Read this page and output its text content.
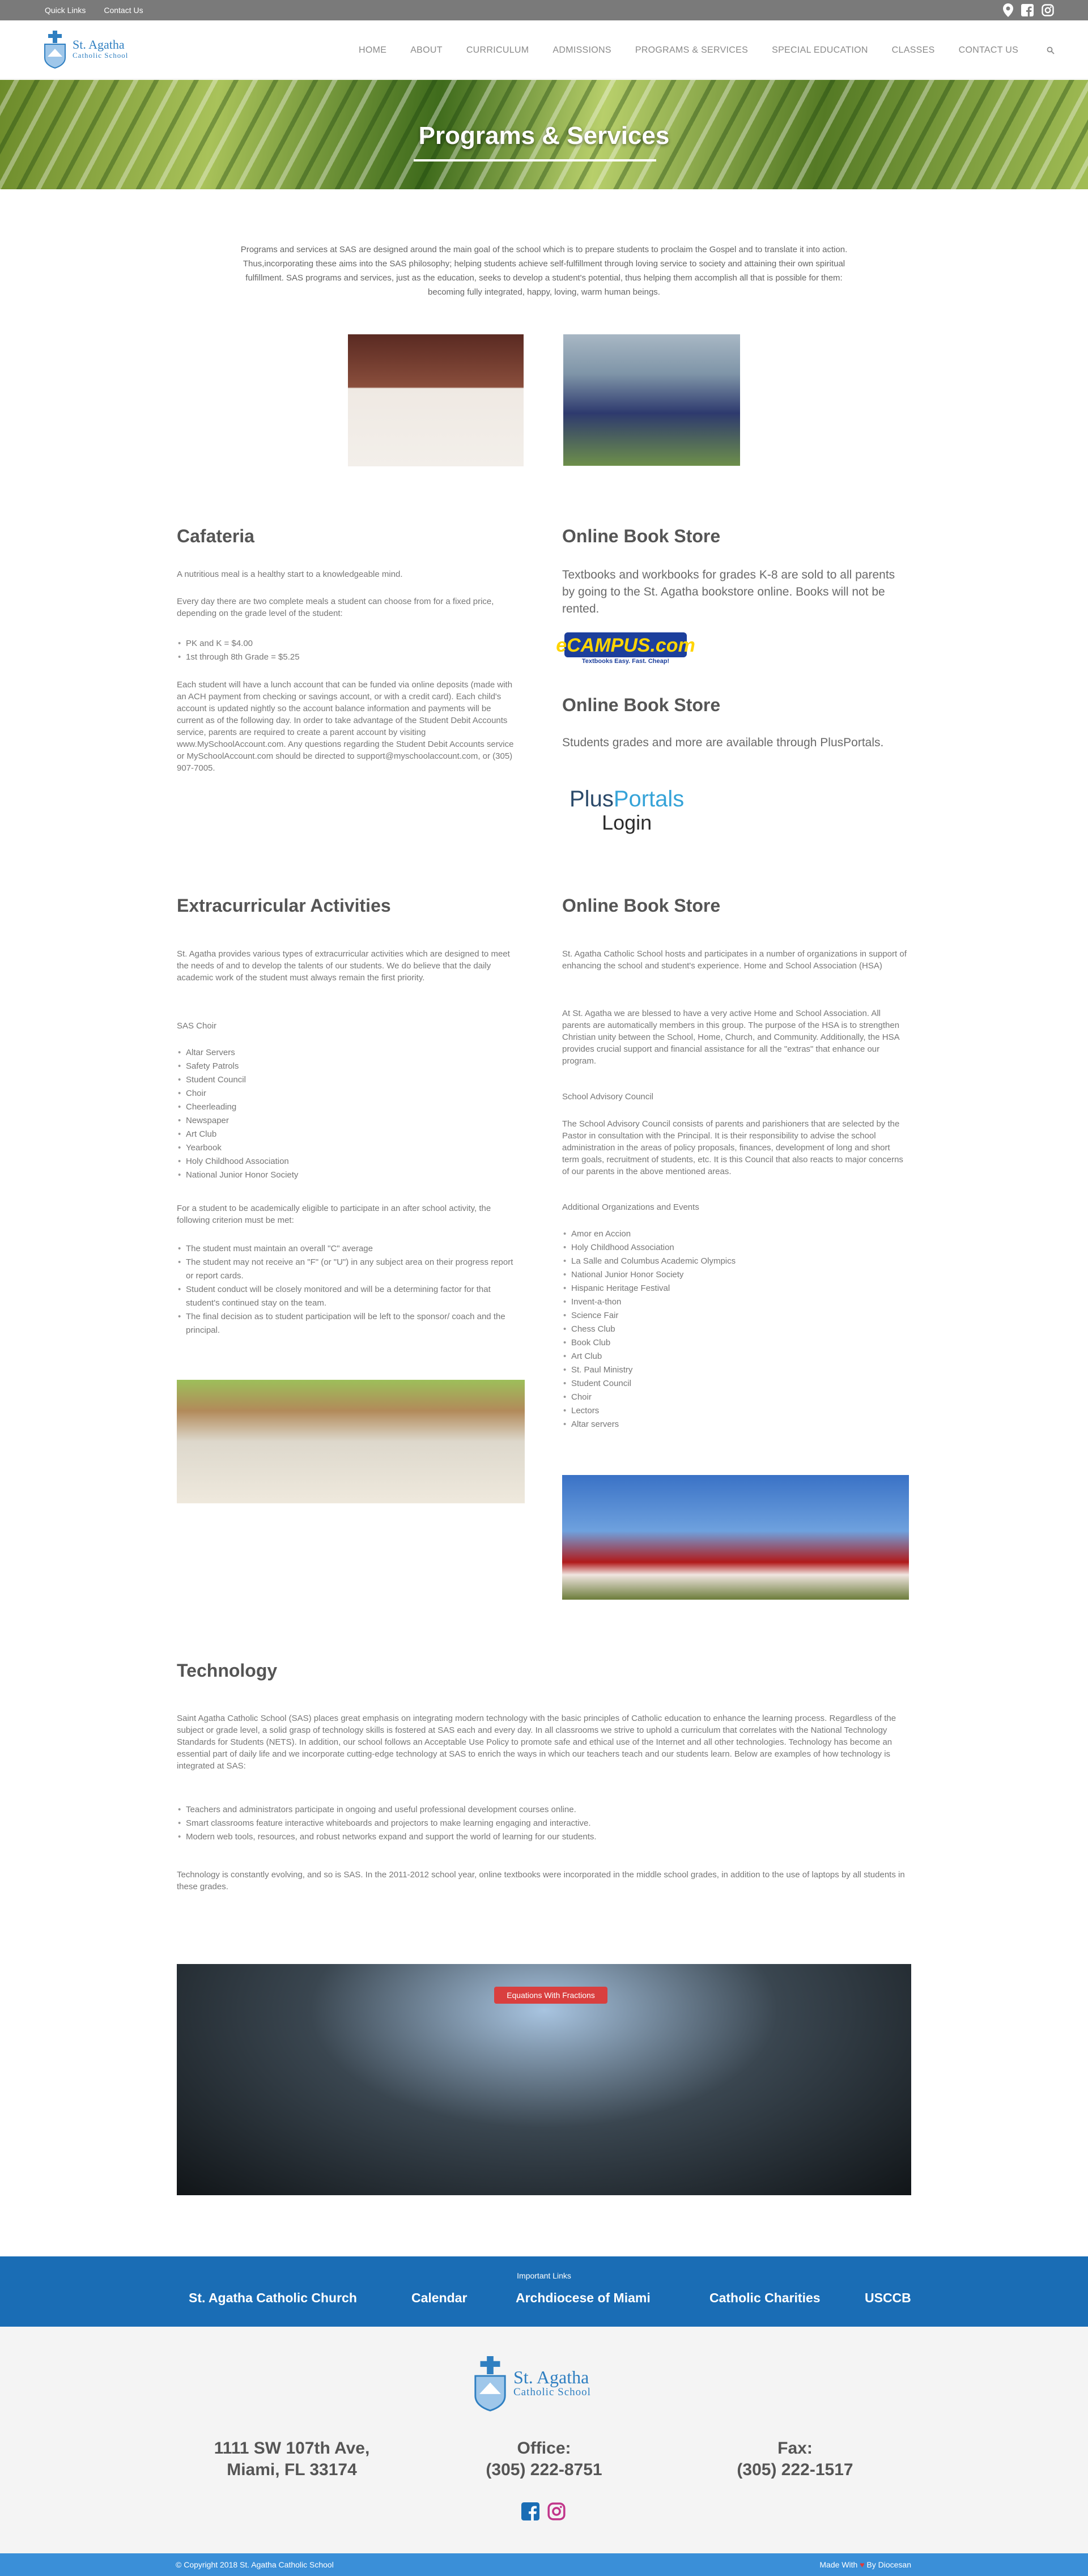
Quick Links Contact Us
St. Agatha
Catholic School
HOME	ABOUT	CURRICULUM	ADMISSIONS	PROGRAMS & SERVICES	SPECIAL EDUCATION	CLASSES	CONTACT US
Programs & Services

Programs and services at SAS are designed around the main goal of the school which is to prepare students to proclaim the Gospel and to translate it into action. Thus,incorporating these aims into the SAS philosophy; helping students achieve self-fulfillment through loving service to society and attaining their own spiritual fulfillment. SAS programs and services, just as the education, seeks to develop a student's potential, thus helping them accomplish all that is possible for them: becoming fully integrated, happy, loving, warm human beings.

Cafateria

A nutritious meal is a healthy start to a knowledgeable mind.

Every day there are two complete meals a student can choose from for a fixed price, depending on the grade level of the student:

• PK and K = $4.00
• 1st through 8th Grade = $5.25

Each student will have a lunch account that can be funded via online deposits (made with an ACH payment from checking or savings account, or with a credit card). Each child's account is updated nightly so the account balance information and payments will be current as of the following day. In order to take advantage of the Student Debit Accounts service, parents are required to create a parent account by visiting www.MySchoolAccount.com. Any questions regarding the Student Debit Accounts service or MySchoolAccount.com should be directed to support@myschoolaccount.com, or (305) 907-7005.

Online Book Store

Textbooks and workbooks for grades K-8 are sold to all parents by going to the St. Agatha bookstore online. Books will not be rented.

eCAMPUS.com
Textbooks Easy. Fast. Cheap!
Online Book Store

Students grades and more are available through PlusPortals.

PlusPortals
Login
Extracurricular Activities

St. Agatha provides various types of extracurricular activities which are designed to meet the needs of and to develop the talents of our students. We do believe that the daily academic work of the student must always remain the first priority.

SAS Choir

• Altar Servers
• Safety Patrols
• Student Council
• Choir
• Cheerleading
• Newspaper
• Art Club
• Yearbook
• Holy Childhood Association
• National Junior Honor Society

For a student to be academically eligible to participate in an after school activity, the following criterion must be met:

• The student must maintain an overall "C" average
• The student may not receive an "F" (or "U") in any subject area on their progress report or report cards.
• Student conduct will be closely monitored and will be a determining factor for that student's continued stay on the team.
• The final decision as to student participation will be left to the sponsor/ coach and the principal.
Online Book Store

St. Agatha Catholic School hosts and participates in a number of organizations in support of enhancing the school and student's experience. Home and School Association (HSA)

At St. Agatha we are blessed to have a very active Home and School Association. All parents are automatically members in this group. The purpose of the HSA is to strengthen Christian unity between the School, Home, Church, and Community. Additionally, the HSA provides crucial support and financial assistance for all the "extras" that enhance our program.

School Advisory Council

The School Advisory Council consists of parents and parishioners that are selected by the Pastor in consultation with the Principal. It is their responsibility to advise the school administration in the areas of policy proposals, finances, development of long and short term goals, recruitment of students, etc. It is this Council that also reacts to major concerns of our parents in the above mentioned areas.

Additional Organizations and Events

• Amor en Accion
• Holy Childhood Association
• La Salle and Columbus Academic Olympics
• National Junior Honor Society
• Hispanic Heritage Festival
• Invent-a-thon
• Science Fair
• Chess Club
• Book Club
• Art Club
• St. Paul Ministry
• Student Council
• Choir
• Lectors
• Altar servers
Technology

Saint Agatha Catholic School (SAS) places great emphasis on integrating modern technology with the basic principles of Catholic education to enhance the learning process. Regardless of the subject or grade level, a solid grasp of technology skills is fostered at SAS each and every day. In all classrooms we strive to uphold a curriculum that correlates with the National Technology Standards for Students (NETS). In addition, our school follows an Acceptable Use Policy to promote safe and ethical use of the Internet and all other technologies. Technology has become an essential part of daily life and we incorporate cutting-edge technology at SAS to enrich the ways in which our teachers teach and our students learn. Below are examples of how technology is integrated at SAS:

• Teachers and administrators participate in ongoing and useful professional development courses online.
• Smart classrooms feature interactive whiteboards and projectors to make learning engaging and interactive.
• Modern web tools, resources, and robust networks expand and support the world of learning for our students.

Technology is constantly evolving, and so is SAS. In the 2011-2012 school year, online textbooks were incorporated in the middle school grades, in addition to the use of laptops by all students in these grades.

Equations With Fractions
Important Links
St. Agatha Catholic Church	Calendar	Archdiocese of Miami	Catholic Charities	USCCB
St. Agatha
Catholic School
1111 SW 107th Ave,
Miami, FL 33174
Office:
(305) 222-8751
Fax:
(305) 222-1517
© Copyright 2018 St. Agatha Catholic School	Made With ♥ By Diocesan
